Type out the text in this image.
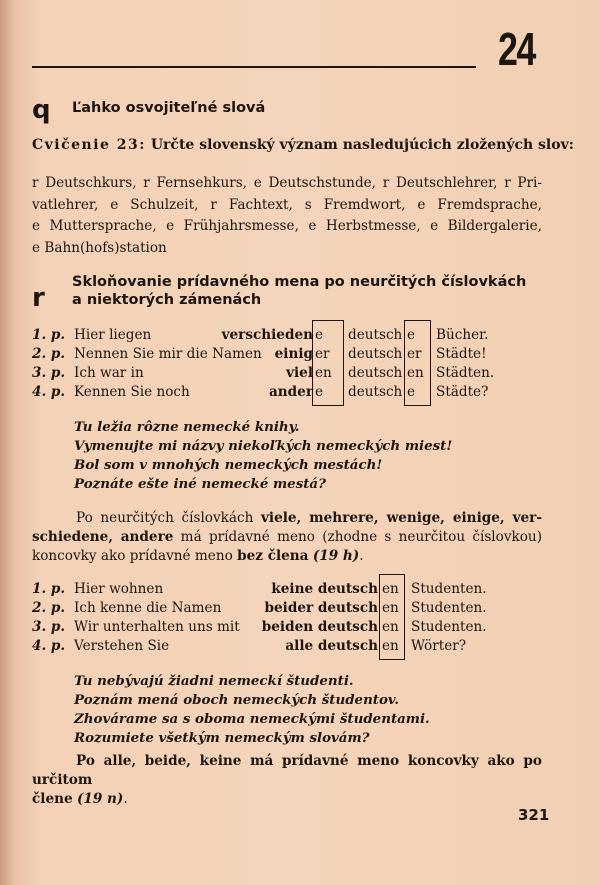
24
q Ľahko osvojiteľné slová
Cvičenie 23: Určte slovenský význam nasledujúcich zložených slov:
r Deutschkurs, r Fernsehkurs, e Deutschstunde, r Deutschlehrer, r Pri-
vatlehrer, e Schulzeit, r Fachtext, s Fremdwort, e Fremdsprache,
e Muttersprache, e Frühjahrsmesse, e Herbstmesse, e Bildergalerie,
e Bahn(hofs)station
r
Skloňovanie prídavného mena po neurčitých číslovkách
a niektorých zámenách
1. p. Hier liegen	verschieden e deutsch e Bücher.
2. p. Nennen Sie mir die Namen einig er deutsch er Städte!
3. p. Ich war in	viel en deutsch en Städten.
4. p. Kennen Sie noch	ander e deutsch e Städte?
Tu ležia rôzne nemecké knihy.
Vymenujte mi názvy niekoľkých nemeckých miest!
Bol som v mnohých nemeckých mestách!
Poznáte ešte iné nemecké mestá?
Po neurčitých číslovkách viele, mehrere, wenige, einige, ver-
schiedene, andere má prídavné meno (zhodne s neurčitou číslovkou)
koncovky ako prídavné meno bez člena (19 h).
1. p. Hier wohnen	keine deutsch en Studenten.
2. p. Ich kenne die Namen	beider deutsch en Studenten.
3. p. Wir unterhalten uns mit beiden deutsch en Studenten.
4. p. Verstehen Sie	alle deutsch en Wörter?
Tu nebývajú žiadni nemeckí študenti.
Poznám mená oboch nemeckých študentov.
Zhovárame sa s oboma nemeckými študentami.
Rozumiete všetkým nemeckým slovám?
Po alle, beide, keine má prídavné meno koncovky ako po určitom
člene (19 n).
321
